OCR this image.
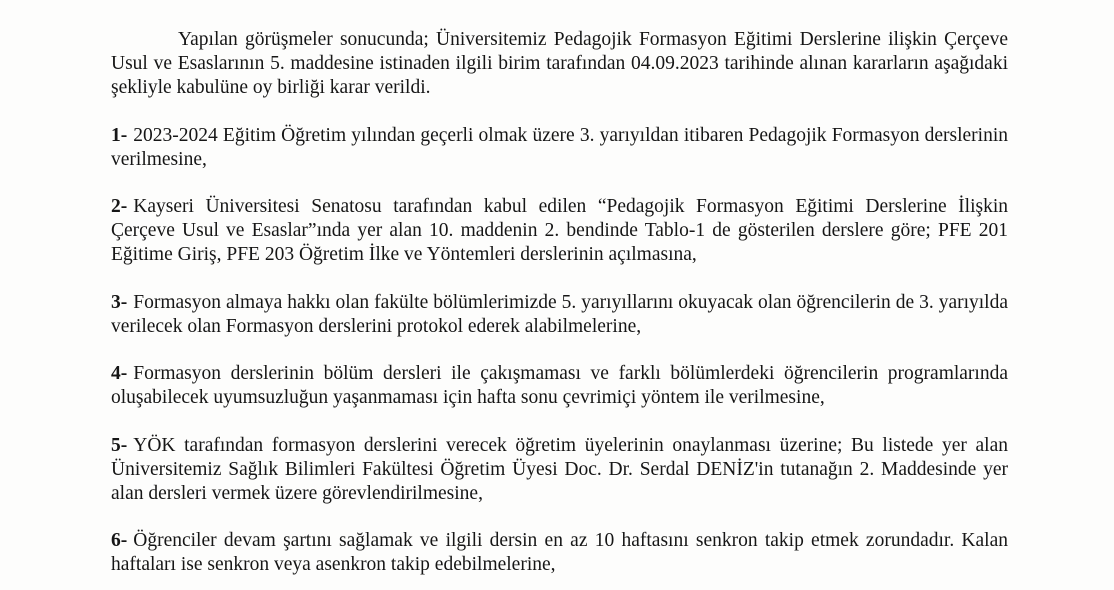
Yapılan görüşmeler sonucunda; Üniversitemiz Pedagojik Formasyon Eğitimi Derslerine ilişkin Çerçeve Usul ve Esaslarının 5. maddesine istinaden ilgili birim tarafından 04.09.2023 tarihinde alınan kararların aşağıdaki şekliyle kabulüne oy birliği karar verildi.

1- 2023-2024 Eğitim Öğretim yılından geçerli olmak üzere 3. yarıyıldan itibaren Pedagojik Formasyon derslerinin verilmesine,

2- Kayseri Üniversitesi Senatosu tarafından kabul edilen “Pedagojik Formasyon Eğitimi Derslerine İlişkin Çerçeve Usul ve Esaslar”ında yer alan 10. maddenin 2. bendinde Tablo-1 de gösterilen derslere göre; PFE 201 Eğitime Giriş, PFE 203 Öğretim İlke ve Yöntemleri derslerinin açılmasına,

3- Formasyon almaya hakkı olan fakülte bölümlerimizde 5. yarıyıllarını okuyacak olan öğrencilerin de 3. yarıyılda verilecek olan Formasyon derslerini protokol ederek alabilmelerine,

4- Formasyon derslerinin bölüm dersleri ile çakışmaması ve farklı bölümlerdeki öğrencilerin programlarında oluşabilecek uyumsuzluğun yaşanmaması için hafta sonu çevrimiçi yöntem ile verilmesine,

5- YÖK tarafından formasyon derslerini verecek öğretim üyelerinin onaylanması üzerine; Bu listede yer alan Üniversitemiz Sağlık Bilimleri Fakültesi Öğretim Üyesi Doc. Dr. Serdal DENİZ'in tutanağın 2. Maddesinde yer alan dersleri vermek üzere görevlendirilmesine,

6- Öğrenciler devam şartını sağlamak ve ilgili dersin en az 10 haftasını senkron takip etmek zorundadır. Kalan haftaları ise senkron veya asenkron takip edebilmelerine,
